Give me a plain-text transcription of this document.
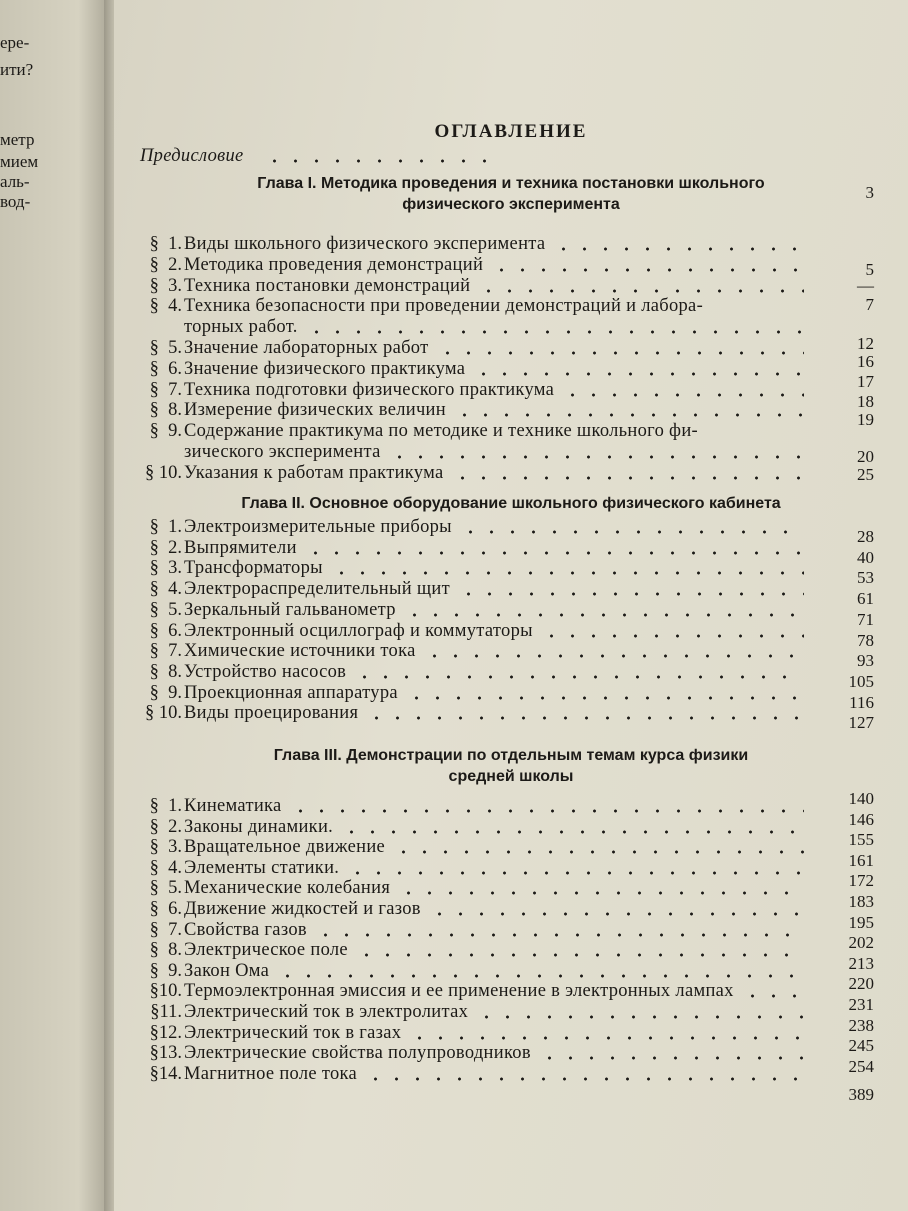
ере-
ити?
метр
мием
аль-
вод-
ОГЛАВЛЕНИЕ
Предисловие
Глава I. Методика проведения и техника постановки школьного
физического эксперимента
§  1. Виды школьного физического эксперимента
§  2. Методика проведения демонстраций
§  3. Техника постановки демонстраций
§  4. Техника безопасности при проведении демонстраций и лабора-
торных работ.
§  5. Значение лабораторных работ
§  6. Значение физического практикума
§  7. Техника подготовки физического практикума
§  8. Измерение физических величин
§  9. Содержание практикума по методике и технике школьного фи-
зического эксперимента
§ 10. Указания к работам практикума
3
5
—
7
12
16
17
18
19
20
25
Глава II. Основное оборудование школьного физического кабинета
§  1. Электроизмерительные приборы
§  2. Выпрямители
§  3. Трансформаторы
§  4. Электрораспределительный щит
§  5. Зеркальный гальванометр
§  6. Электронный осциллограф и коммутаторы
§  7. Химические источники тока
§  8. Устройство насосов
§  9. Проекционная аппаратура
§ 10. Виды проецирования
28
40
53
61
71
78
93
105
116
127
Глава III. Демонстрации по отдельным темам курса физики
средней школы
§  1. Кинематика
§  2. Законы динамики.
§  3. Вращательное движение
§  4. Элементы статики.
§  5. Механические колебания
§  6. Движение жидкостей и газов
§  7. Свойства газов
§  8. Электрическое поле
§  9. Закон Ома
§10. Термоэлектронная эмиссия и ее применение в электронных лампах
§11. Электрический ток в электролитах
§12. Электрический ток в газах
§13. Электрические свойства полупроводников
§14. Магнитное поле тока
140
146
155
161
172
183
195
202
213
220
231
238
245
254
389
